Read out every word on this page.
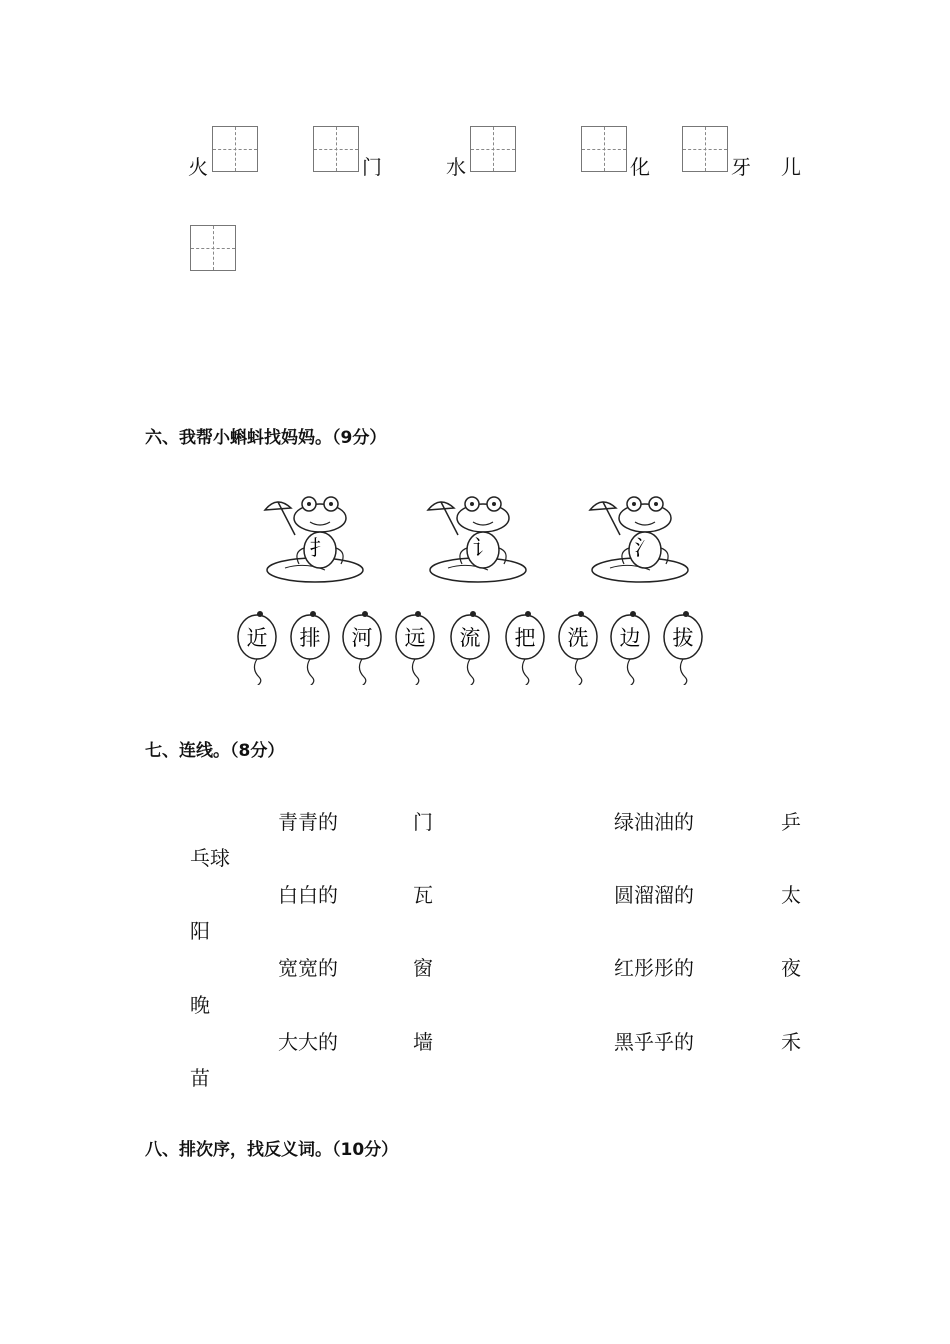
火	门	水	化	牙 儿
六、我帮小蝌蚪找妈妈。（9分）
扌	讠	氵
近 排 河 远 流 把 洗 边 拔
七、连线。（8分）
青青的	门	绿油油的	乒
乓球
白白的	瓦	圆溜溜的	太
阳
宽宽的	窗	红彤彤的	夜
晚
大大的	墙	黑乎乎的	禾
苗
八、排次序，找反义词。（10分）
